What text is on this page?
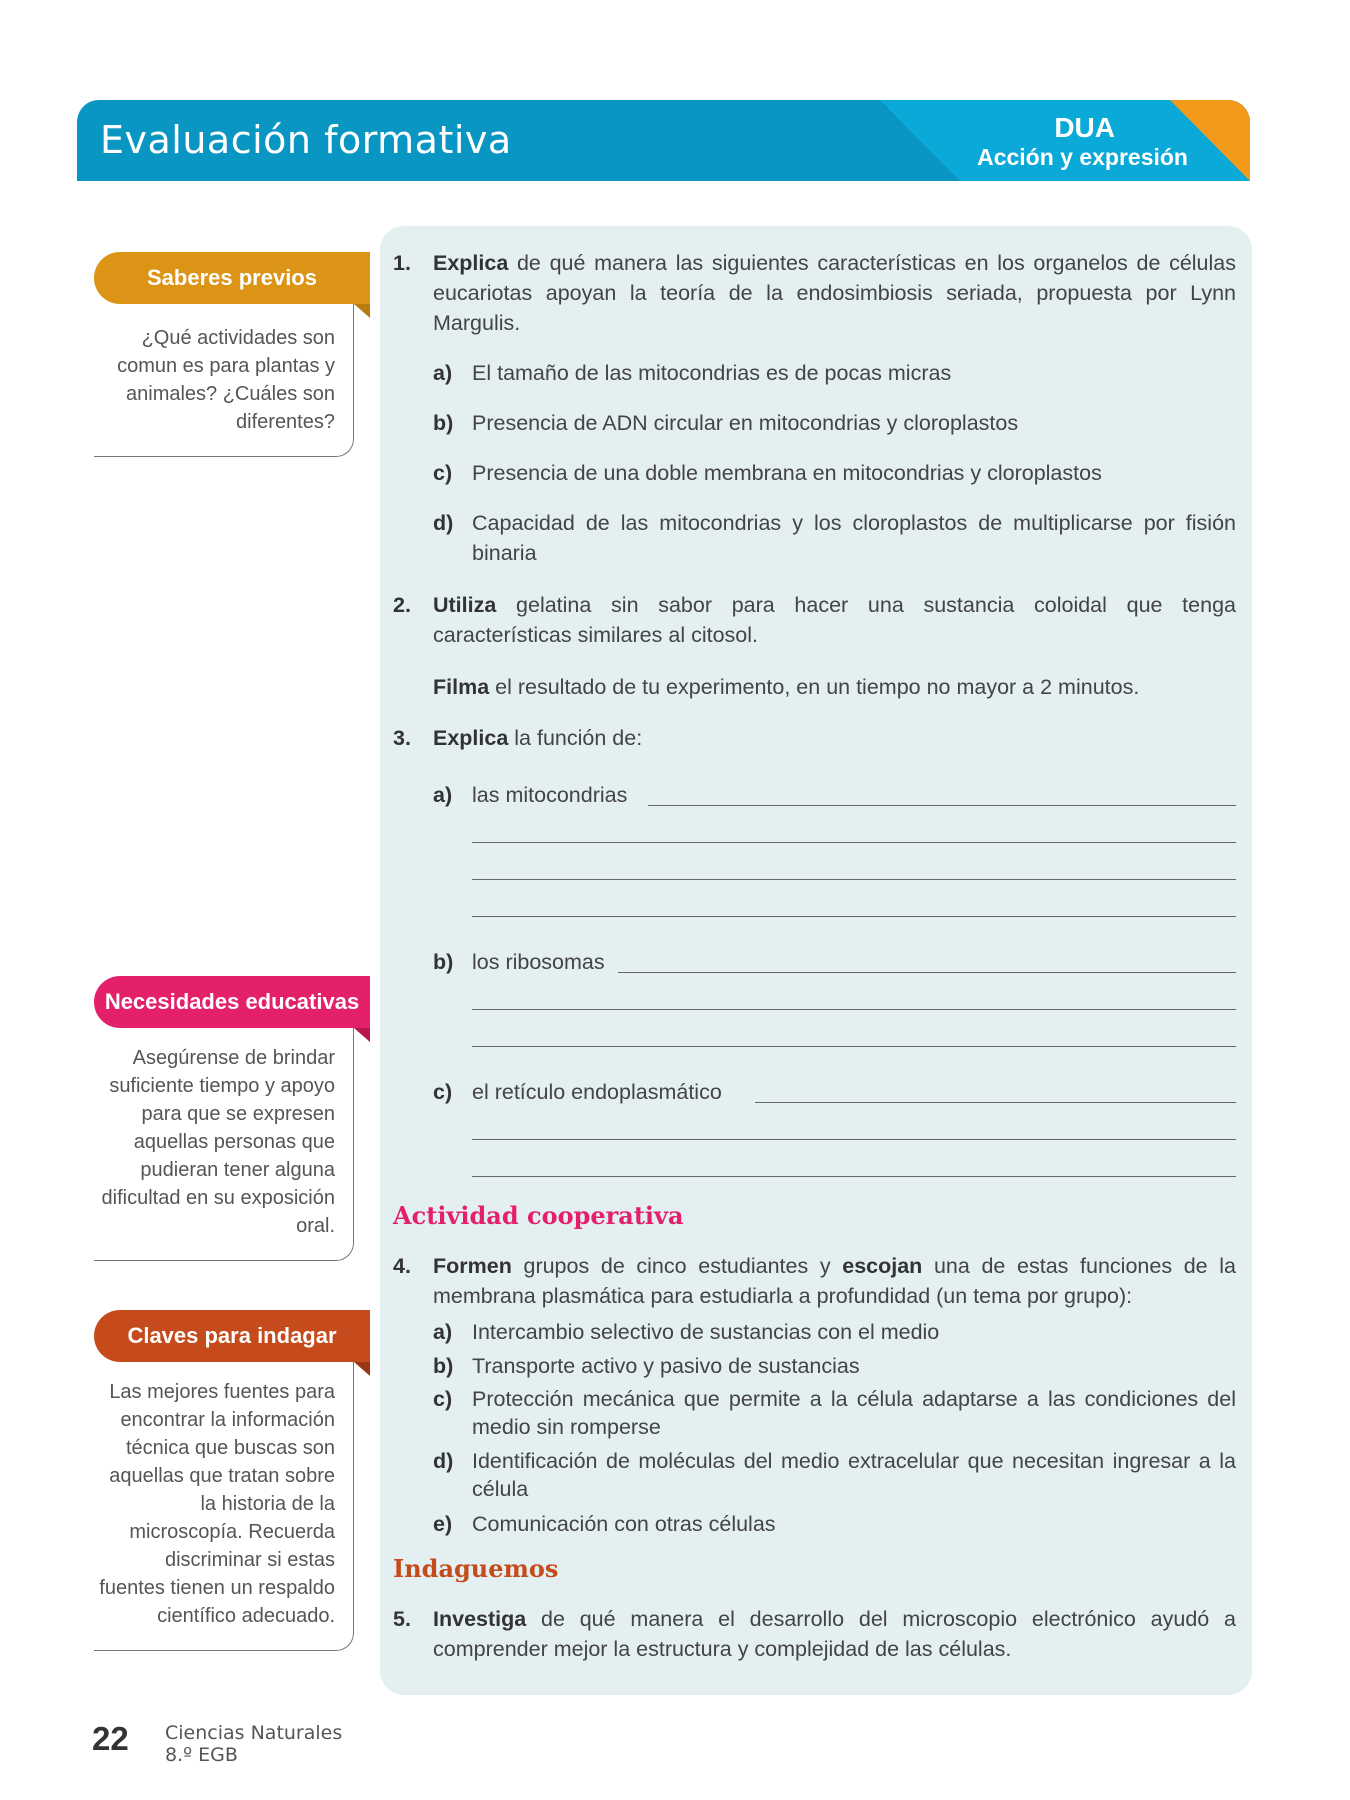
Evaluación formativa	DUA
Acción y expresión
Saberes previos
¿Qué actividades son comun es para plantas y animales? ¿Cuáles son diferentes?
Necesidades educativas
Asegúrense de brindar suficiente tiempo y apoyo para que se expresen aquellas personas que pudieran tener alguna dificultad en su exposición oral.
Claves para indagar
Las mejores fuentes para encontrar la información técnica que buscas son aquellas que tratan sobre la historia de la microscopía. Recuerda discriminar si estas fuentes tienen un respaldo científico adecuado.
1. Explica de qué manera las siguientes características en los organelos de células eucariotas apoyan la teoría de la endosimbiosis seriada, propuesta por Lynn Margulis.
a) El tamaño de las mitocondrias es de pocas micras
b) Presencia de ADN circular en mitocondrias y cloroplastos
c) Presencia de una doble membrana en mitocondrias y cloroplastos
d) Capacidad de las mitocondrias y los cloroplastos de multiplicarse por fisión binaria
2. Utiliza gelatina sin sabor para hacer una sustancia coloidal que tenga características similares al citosol.
Filma el resultado de tu experimento, en un tiempo no mayor a 2 minutos.
3. Explica la función de:
a) las mitocondrias
b) los ribosomas
c) el retículo endoplasmático
Actividad cooperativa
4. Formen grupos de cinco estudiantes y escojan una de estas funciones de la membrana plasmática para estudiarla a profundidad (un tema por grupo):
a) Intercambio selectivo de sustancias con el medio
b) Transporte activo y pasivo de sustancias
c) Protección mecánica que permite a la célula adaptarse a las condiciones del medio sin romperse
d) Identificación de moléculas del medio extracelular que necesitan ingresar a la célula
e) Comunicación con otras células
Indaguemos
5. Investiga de qué manera el desarrollo del microscopio electrónico ayudó a comprender mejor la estructura y complejidad de las células.
22 Ciencias Naturales
8.º EGB
